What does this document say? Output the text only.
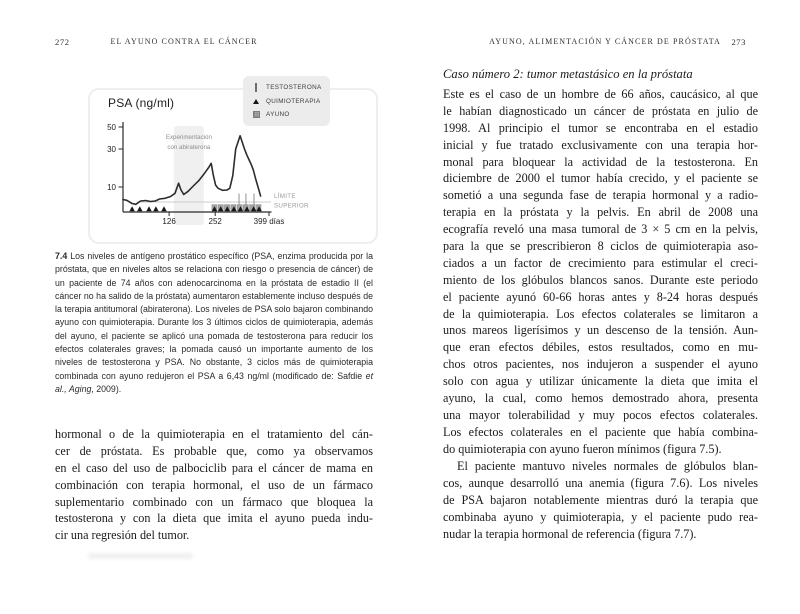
272	EL AYUNO CONTRA EL CÁNCER
PSA (ng/ml)
Experimentación
con abiraterona
LÍMITE
SUPERIOR
10
30
50
126	252	399 días
TESTOSTERONA
QUIMIOTERAPIA
AYUNO
7.4 Los niveles de antígeno prostático específico (PSA, enzima producida por la próstata, que en niveles altos se relaciona con riesgo o presencia de cáncer) de un paciente de 74 años con adenocarcinoma en la próstata de estadio II (el cáncer no ha salido de la próstata) aumentaron establemente incluso después de la terapia antitumoral (abiraterona). Los niveles de PSA solo bajaron combinando ayuno con quimioterapia. Durante los 3 últimos ciclos de quimioterapia, además del ayuno, el paciente se aplicó una pomada de testosterona para reducir los efectos colaterales graves; la pomada causó un importante aumento de los niveles de testosterona y PSA. No obstante, 3 ciclos más de quimioterapia combinada con ayuno redujeron el PSA a 6,43 ng/ml (modificado de: Safdie et al., Aging, 2009).
hormonal o de la quimioterapia en el tratamiento del cán-
cer de próstata. Es probable que, como ya observamos
en el caso del uso de palbociclib para el cáncer de mama en
combinación con terapia hormonal, el uso de un fármaco
suplementario combinado con un fármaco que bloquea la
testosterona y con la dieta que imita el ayuno pueda indu-
cir una regresión del tumor.
AYUNO, ALIMENTACIÓN Y CÁNCER DE PRÓSTATA	273
Caso número 2: tumor metastásico en la próstata
Este es el caso de un hombre de 66 años, caucásico, al que
le habían diagnosticado un cáncer de próstata en julio de
1998. Al principio el tumor se encontraba en el estadio
inicial y fue tratado exclusivamente con una terapia hor-
monal para bloquear la actividad de la testosterona. En
diciembre de 2000 el tumor había crecido, y el paciente se
sometió a una segunda fase de terapia hormonal y a radio-
terapia en la próstata y la pelvis. En abril de 2008 una
ecografía reveló una masa tumoral de 3 × 5 cm en la pelvis,
para la que se prescribieron 8 ciclos de quimioterapia aso-
ciados a un factor de crecimiento para estimular el creci-
miento de los glóbulos blancos sanos. Durante este periodo
el paciente ayunó 60-66 horas antes y 8-24 horas después
de la quimioterapia. Los efectos colaterales se limitaron a
unos mareos ligerísimos y un descenso de la tensión. Aun-
que eran efectos débiles, estos resultados, como en mu-
chos otros pacientes, nos indujeron a suspender el ayuno
solo con agua y utilizar únicamente la dieta que imita el
ayuno, la cual, como hemos demostrado ahora, presenta
una mayor tolerabilidad y muy pocos efectos colaterales.
Los efectos colaterales en el paciente que había combina-
do quimioterapia con ayuno fueron mínimos (figura 7.5).
El paciente mantuvo niveles normales de glóbulos blan-
cos, aunque desarrolló una anemia (figura 7.6). Los niveles
de PSA bajaron notablemente mientras duró la terapia que
combinaba ayuno y quimioterapia, y el paciente pudo rea-
nudar la terapia hormonal de referencia (figura 7.7).
